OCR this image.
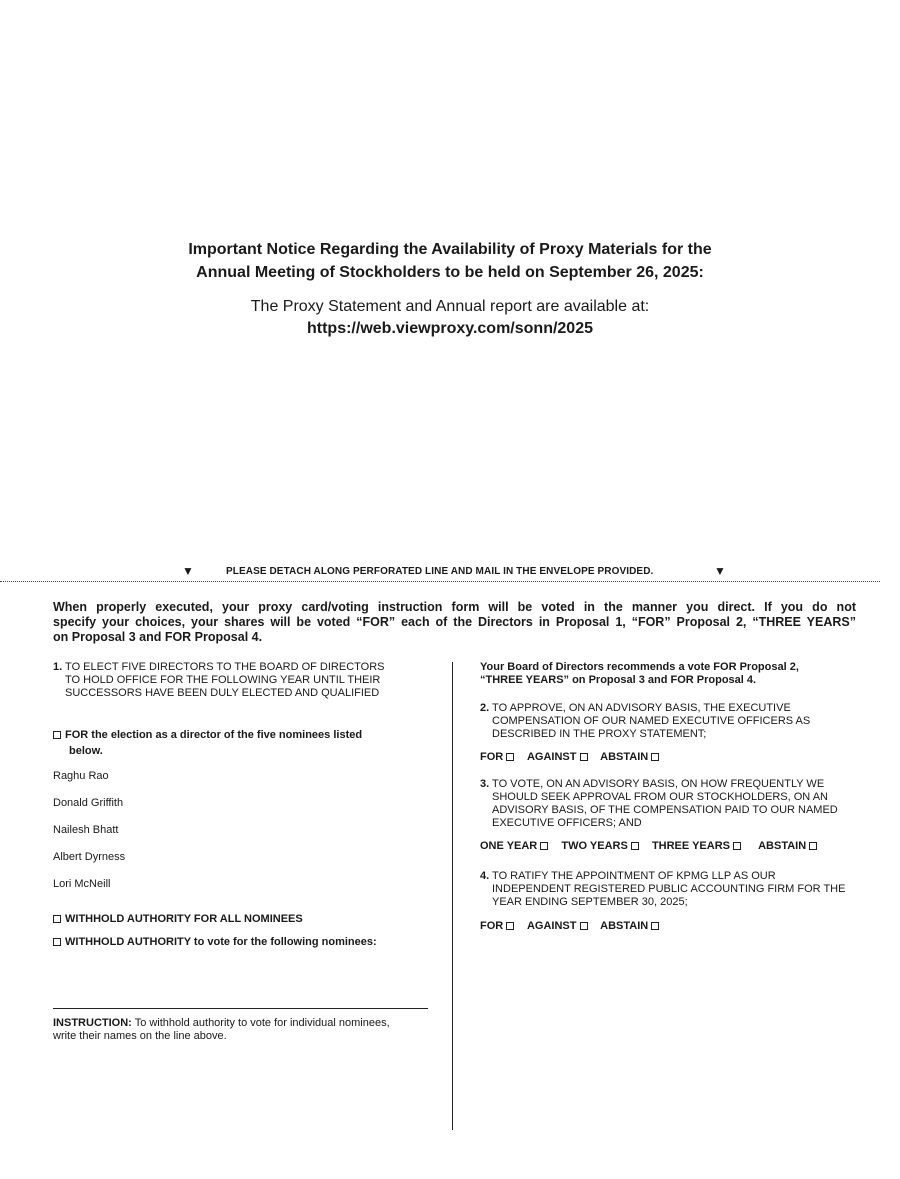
Important Notice Regarding the Availability of Proxy Materials for the
Annual Meeting of Stockholders to be held on September 26, 2025:
The Proxy Statement and Annual report are available at:
https://web.viewproxy.com/sonn/2025
▼	PLEASE DETACH ALONG PERFORATED LINE AND MAIL IN THE ENVELOPE PROVIDED.	▼
When properly executed, your proxy card/voting instruction form will be voted in the manner you direct. If you do not
specify your choices, your shares will be voted “FOR” each of the Directors in Proposal 1, “FOR” Proposal 2, “THREE YEARS”
on Proposal 3 and FOR Proposal 4.
1. TO ELECT FIVE DIRECTORS TO THE BOARD OF DIRECTORS
TO HOLD OFFICE FOR THE FOLLOWING YEAR UNTIL THEIR
SUCCESSORS HAVE BEEN DULY ELECTED AND QUALIFIED
FOR the election as a director of the five nominees listed
below.
Raghu Rao
Donald Griffith
Nailesh Bhatt
Albert Dyrness
Lori McNeill
WITHHOLD AUTHORITY FOR ALL NOMINEES
WITHHOLD AUTHORITY to vote for the following nominees:
INSTRUCTION: To withhold authority to vote for individual nominees,
write their names on the line above.
Your Board of Directors recommends a vote FOR Proposal 2,
“THREE YEARS” on Proposal 3 and FOR Proposal 4.
2. TO APPROVE, ON AN ADVISORY BASIS, THE EXECUTIVE
COMPENSATION OF OUR NAMED EXECUTIVE OFFICERS AS
DESCRIBED IN THE PROXY STATEMENT;
FOR AGAINST ABSTAIN
3. TO VOTE, ON AN ADVISORY BASIS, ON HOW FREQUENTLY WE
SHOULD SEEK APPROVAL FROM OUR STOCKHOLDERS, ON AN
ADVISORY BASIS, OF THE COMPENSATION PAID TO OUR NAMED
EXECUTIVE OFFICERS; AND
ONE YEAR TWO YEARS THREE YEARS	ABSTAIN
4. TO RATIFY THE APPOINTMENT OF KPMG LLP AS OUR
INDEPENDENT REGISTERED PUBLIC ACCOUNTING FIRM FOR THE
YEAR ENDING SEPTEMBER 30, 2025;
FOR AGAINST ABSTAIN
